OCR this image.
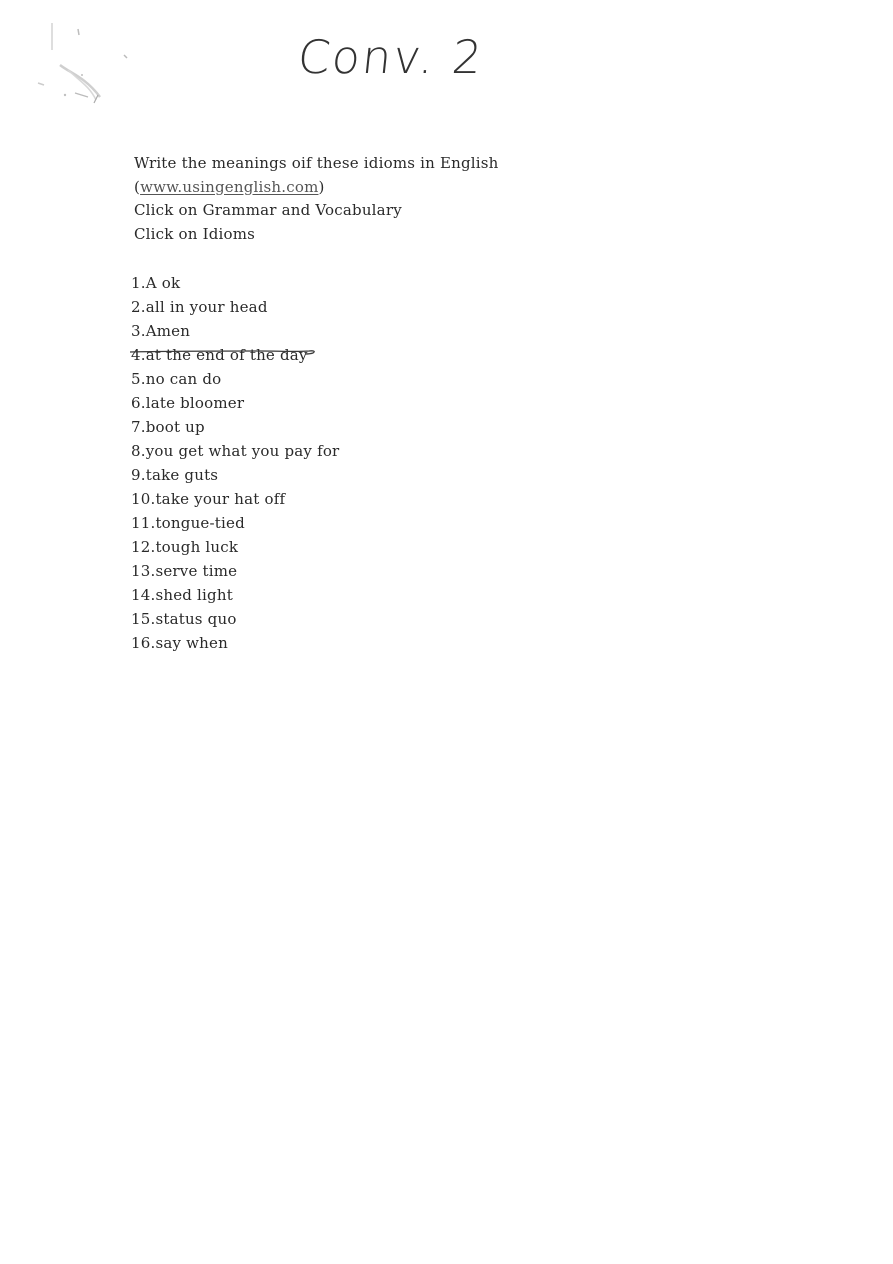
Conv. 2
Write the meanings oif these idioms in English
(www.usingenglish.com)
Click on Grammar and Vocabulary
Click on Idioms
1.A ok
2.all in your head
3.Amen
4.at the end of the day
5.no can do
6.late bloomer
7.boot up
8.you get what you pay for
9.take guts
10.take your hat off
11.tongue-tied
12.tough luck
13.serve time
14.shed light
15.status quo
16.say when
